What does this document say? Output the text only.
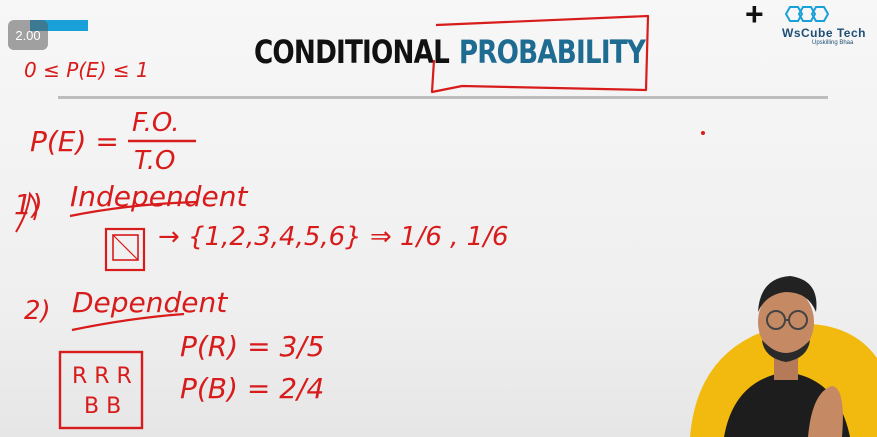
2.00	CONDITIONAL PROBABILITY
+
WsCube Tech
Upskilling Bhaa
0 ≤ P(E) ≤ 1
P(E) =
F.O.
T.O
1) Independent
→ {1,2,3,4,5,6} ⇒ 1/6 , 1/6
2) Dependent
R R R
B B
P(R) = 3/5
P(B) = 2/4
